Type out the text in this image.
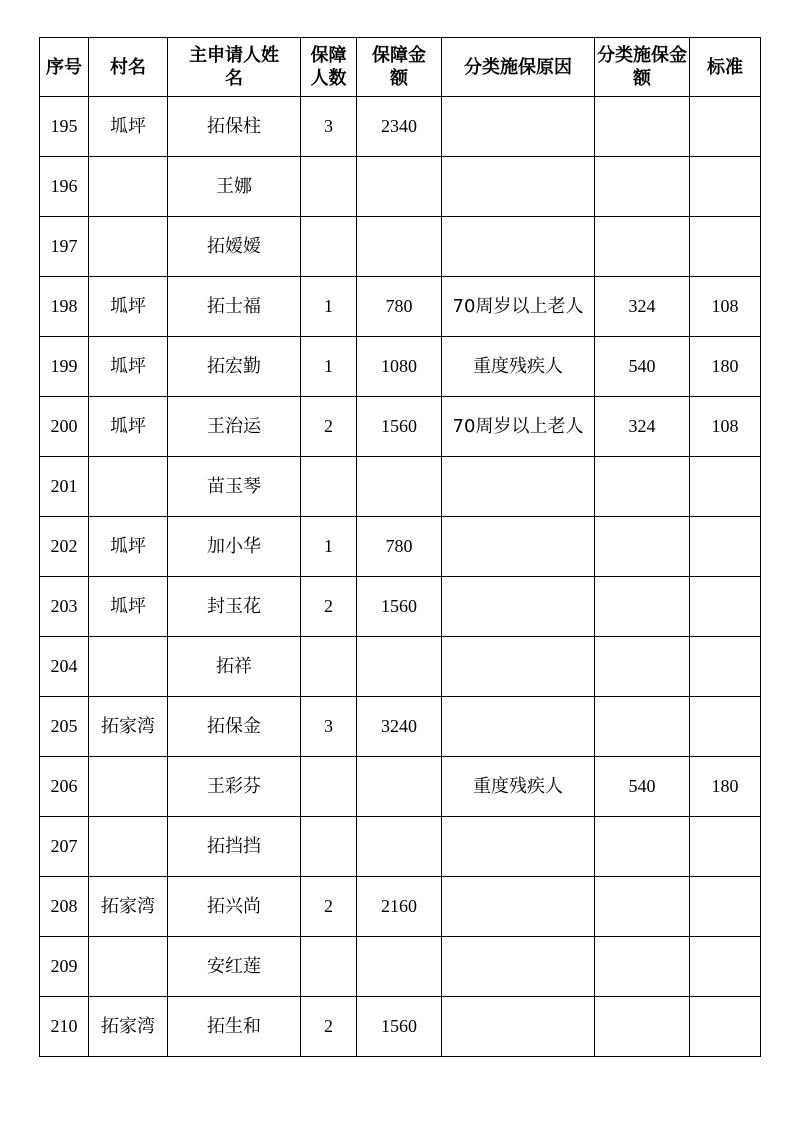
序号	村名	主申请人姓名	保障人数	保障金额	分类施保原因	分类施保金额	标准
195	坬坪	拓保柱	3	2340			
196		王娜					
197		拓嫒嫒					
198	坬坪	拓士福	1	780	70周岁以上老人	324	108
199	坬坪	拓宏勤	1	1080	重度残疾人	540	180
200	坬坪	王治运	2	1560	70周岁以上老人	324	108
201		苗玉琴					
202	坬坪	加小华	1	780			
203	坬坪	封玉花	2	1560			
204		拓祥					
205	拓家湾	拓保金	3	3240			
206		王彩芬			重度残疾人	540	180
207		拓挡挡					
208	拓家湾	拓兴尚	2	2160			
209		安红莲					
210	拓家湾	拓生和	2	1560			
